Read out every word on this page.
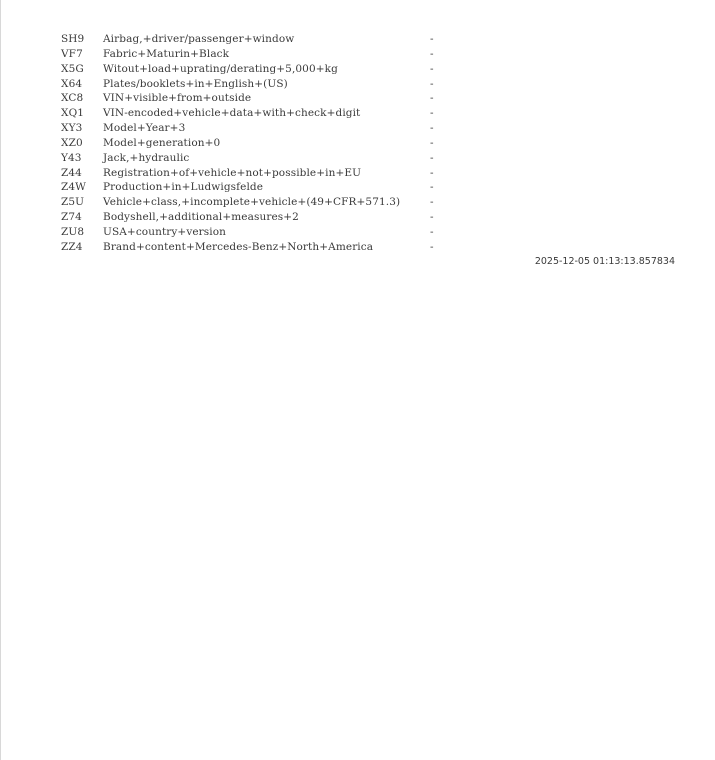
SH9	Airbag,+driver/passenger+window	-
VF7	Fabric+Maturin+Black	-
X5G	Witout+load+uprating/derating+5,000+kg	-
X64	Plates/booklets+in+English+(US)	-
XC8	VIN+visible+from+outside	-
XQ1	VIN-encoded+vehicle+data+with+check+digit	-
XY3	Model+Year+3	-
XZ0	Model+generation+0	-
Y43	Jack,+hydraulic	-
Z44	Registration+of+vehicle+not+possible+in+EU	-
Z4W	Production+in+Ludwigsfelde	-
Z5U	Vehicle+class,+incomplete+vehicle+(49+CFR+571.3)	-
Z74	Bodyshell,+additional+measures+2	-
ZU8	USA+country+version	-
ZZ4	Brand+content+Mercedes-Benz+North+America	-
2025-12-05 01:13:13.857834
